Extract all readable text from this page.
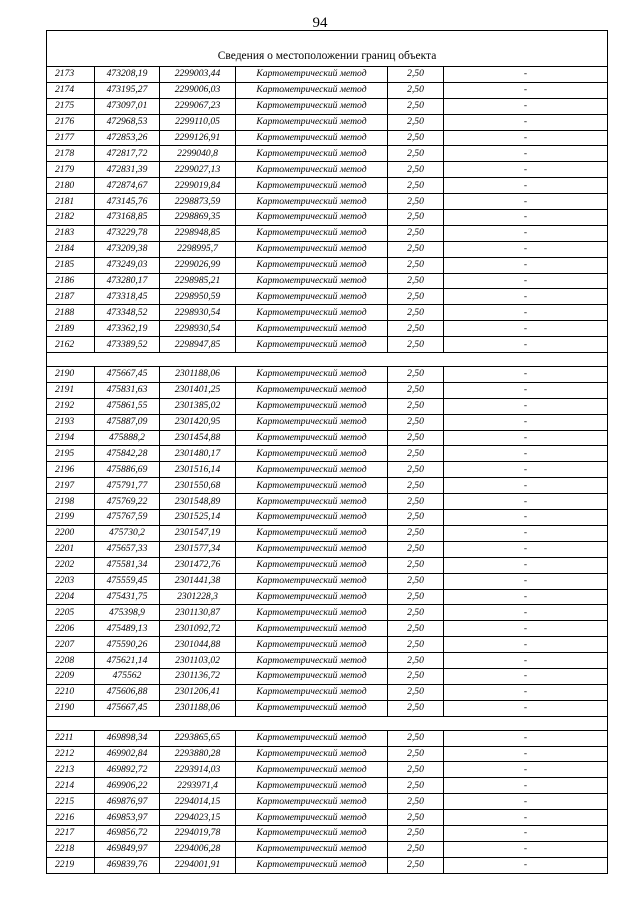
94
Сведения о местоположении границ объекта					
2173	473208,19	2299003,44	Картометрический метод	2,50	-
2174	473195,27	2299006,03	Картометрический метод	2,50	-
2175	473097,01	2299067,23	Картометрический метод	2,50	-
2176	472968,53	2299110,05	Картометрический метод	2,50	-
2177	472853,26	2299126,91	Картометрический метод	2,50	-
2178	472817,72	2299040,8	Картометрический метод	2,50	-
2179	472831,39	2299027,13	Картометрический метод	2,50	-
2180	472874,67	2299019,84	Картометрический метод	2,50	-
2181	473145,76	2298873,59	Картометрический метод	2,50	-
2182	473168,85	2298869,35	Картометрический метод	2,50	-
2183	473229,78	2298948,85	Картометрический метод	2,50	-
2184	473209,38	2298995,7	Картометрический метод	2,50	-
2185	473249,03	2299026,99	Картометрический метод	2,50	-
2186	473280,17	2298985,21	Картометрический метод	2,50	-
2187	473318,45	2298950,59	Картометрический метод	2,50	-
2188	473348,52	2298930,54	Картометрический метод	2,50	-
2189	473362,19	2298930,54	Картометрический метод	2,50	-
2162	473389,52	2298947,85	Картометрический метод	2,50	-

2190	475667,45	2301188,06	Картометрический метод	2,50	-
2191	475831,63	2301401,25	Картометрический метод	2,50	-
2192	475861,55	2301385,02	Картометрический метод	2,50	-
2193	475887,09	2301420,95	Картометрический метод	2,50	-
2194	475888,2	2301454,88	Картометрический метод	2,50	-
2195	475842,28	2301480,17	Картометрический метод	2,50	-
2196	475886,69	2301516,14	Картометрический метод	2,50	-
2197	475791,77	2301550,68	Картометрический метод	2,50	-
2198	475769,22	2301548,89	Картометрический метод	2,50	-
2199	475767,59	2301525,14	Картометрический метод	2,50	-
2200	475730,2	2301547,19	Картометрический метод	2,50	-
2201	475657,33	2301577,34	Картометрический метод	2,50	-
2202	475581,34	2301472,76	Картометрический метод	2,50	-
2203	475559,45	2301441,38	Картометрический метод	2,50	-
2204	475431,75	2301228,3	Картометрический метод	2,50	-
2205	475398,9	2301130,87	Картометрический метод	2,50	-
2206	475489,13	2301092,72	Картометрический метод	2,50	-
2207	475590,26	2301044,88	Картометрический метод	2,50	-
2208	475621,14	2301103,02	Картометрический метод	2,50	-
2209	475562	2301136,72	Картометрический метод	2,50	-
2210	475606,88	2301206,41	Картометрический метод	2,50	-
2190	475667,45	2301188,06	Картометрический метод	2,50	-

2211	469898,34	2293865,65	Картометрический метод	2,50	-
2212	469902,84	2293880,28	Картометрический метод	2,50	-
2213	469892,72	2293914,03	Картометрический метод	2,50	-
2214	469906,22	2293971,4	Картометрический метод	2,50	-
2215	469876,97	2294014,15	Картометрический метод	2,50	-
2216	469853,97	2294023,15	Картометрический метод	2,50	-
2217	469856,72	2294019,78	Картометрический метод	2,50	-
2218	469849,97	2294006,28	Картометрический метод	2,50	-
2219	469839,76	2294001,91	Картометрический метод	2,50	-
